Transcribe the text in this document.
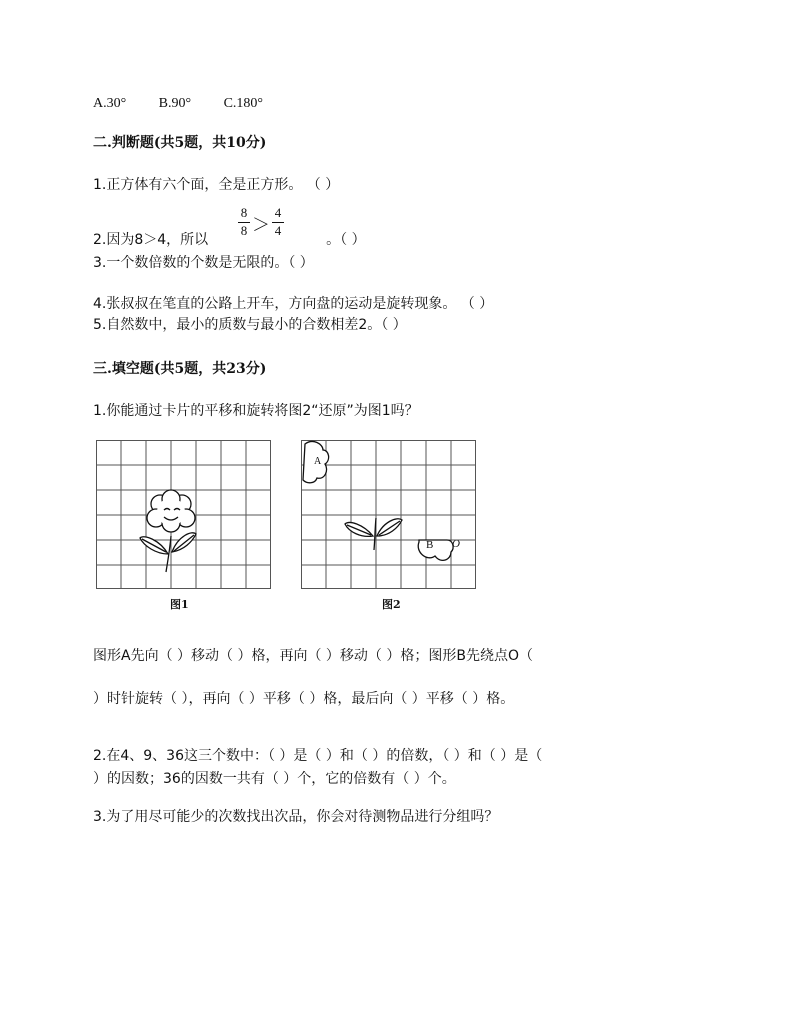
A.30° B.90° C.180°
二.判断题(共5题，共10分)
1.正方体有六个面，全是正方形。 （ ）
8
8 ＞
4
4
2.因为8＞4，所以	。（ ）
3.一个数倍数的个数是无限的。（ ）
4.张叔叔在笔直的公路上开车，方向盘的运动是旋转现象。 （ ）
5.自然数中，最小的质数与最小的合数相差2。（ ）
三.填空题(共5题，共23分)
1.你能通过卡片的平移和旋转将图2“还原”为图1吗？
图1
A
B O
图2
图形A先向（ ）移动（ ）格，再向（ ）移动（ ）格；图形B先绕点O（
）时针旋转（ ），再向（ ）平移（ ）格，最后向（ ）平移（ ）格。
2.在4、9、36这三个数中：（ ）是（ ）和（ ）的倍数，（ ）和（ ）是（
）的因数；36的因数一共有（ ）个，它的倍数有（ ）个。
3.为了用尽可能少的次数找出次品，你会对待测物品进行分组吗？
